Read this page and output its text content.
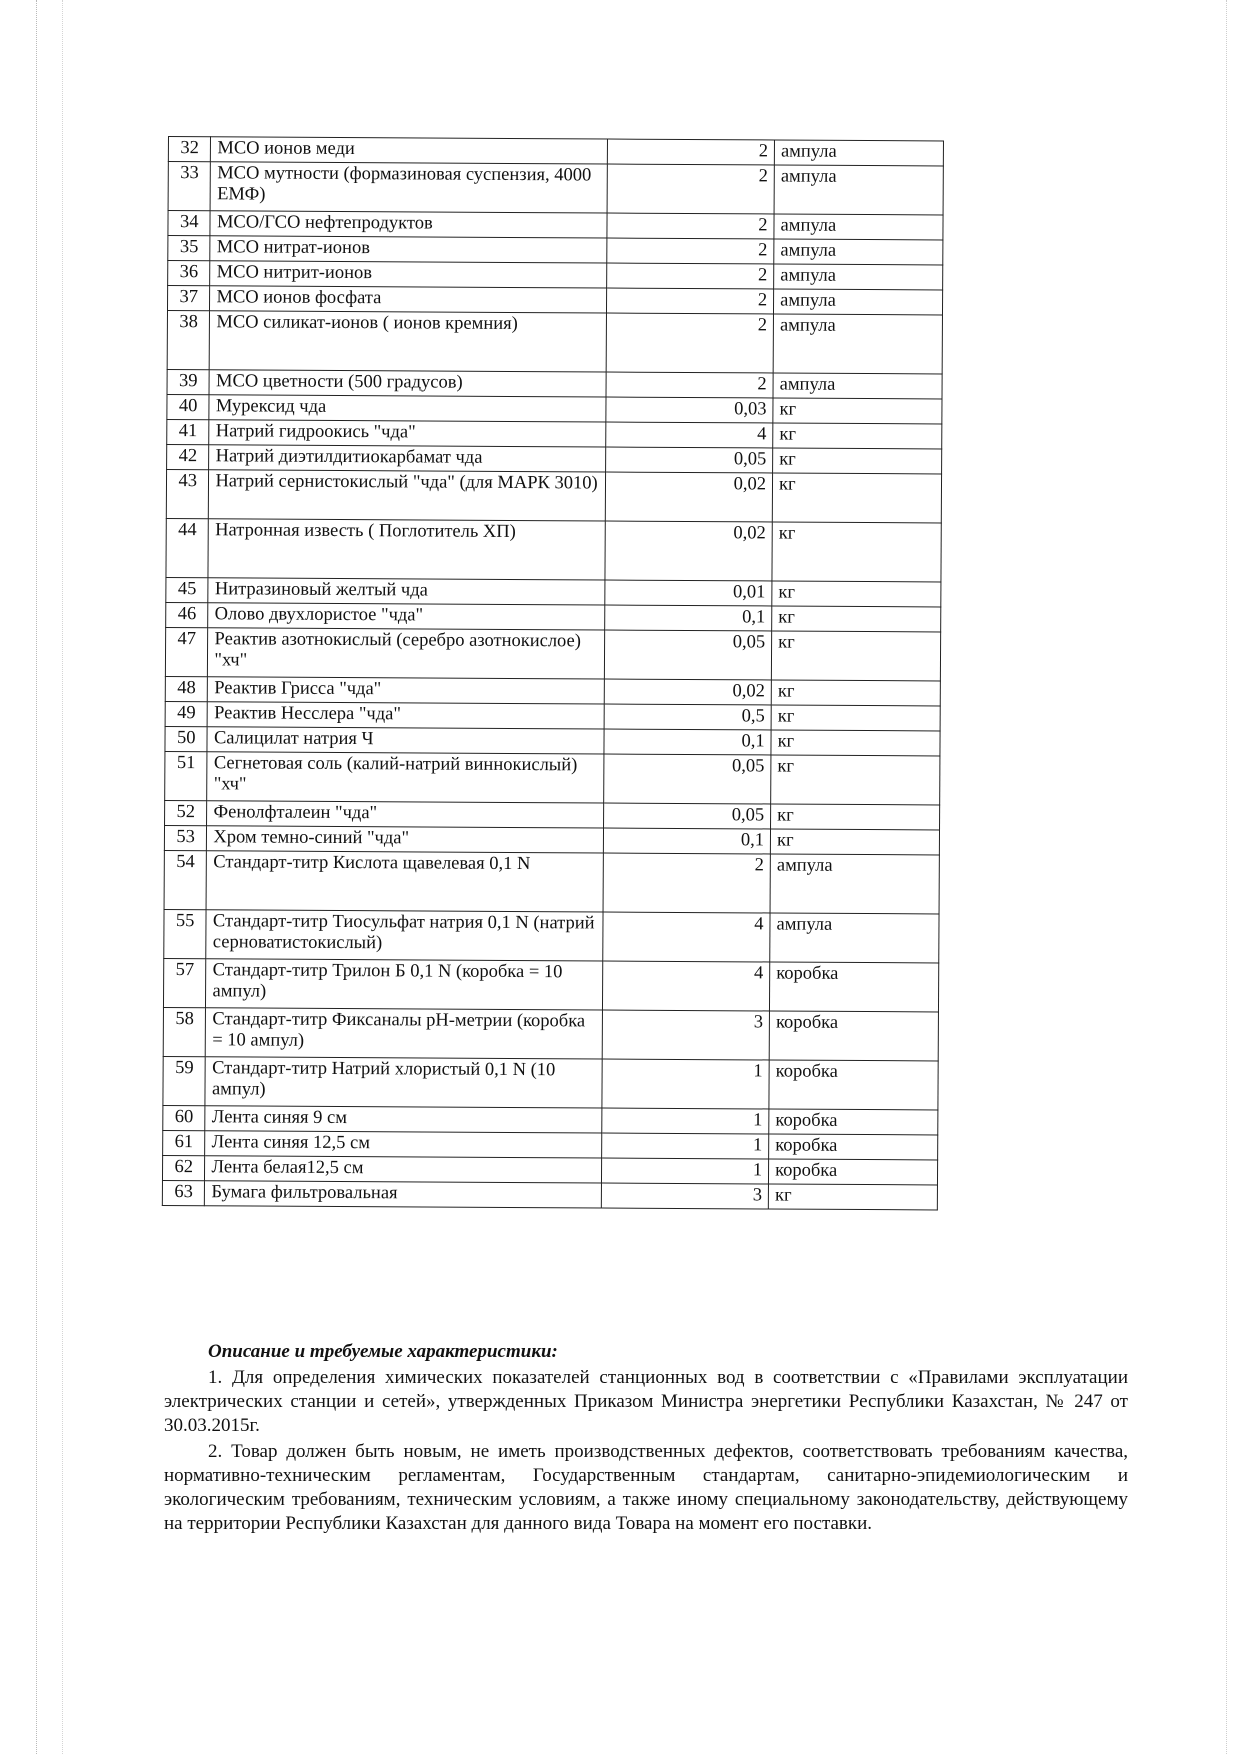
32	МСО ионов меди	2	ампула
33	МСО мутности (формазиновая суспензия, 4000 ЕМФ)	2	ампула
34	МСО/ГСО нефтепродуктов	2	ампула
35	МСО нитрат-ионов	2	ампула
36	МСО нитрит-ионов	2	ампула
37	МСО ионов фосфата	2	ампула
38	МСО силикат-ионов ( ионов кремния)	2	ампула
39	МСО цветности (500 градусов)	2	ампула
40	Мурексид чда	0,03	кг
41	Натрий гидроокись "чда"	4	кг
42	Натрий диэтилдитиокарбамат чда	0,05	кг
43	Натрий сернистокислый "чда" (для МАРК 3010)	0,02	кг
44	Натронная известь ( Поглотитель ХП)	0,02	кг
45	Нитразиновый желтый чда	0,01	кг
46	Олово двухлористое "чда"	0,1	кг
47	Реактив азотнокислый (серебро азотнокислое) "хч"	0,05	кг
48	Реактив Грисса "чда"	0,02	кг
49	Реактив Несслера "чда"	0,5	кг
50	Салицилат натрия Ч	0,1	кг
51	Сегнетовая соль (калий-натрий виннокислый) "хч"	0,05	кг
52	Фенолфталеин "чда"	0,05	кг
53	Хром темно-синий "чда"	0,1	кг
54	Стандарт-титр Кислота щавелевая 0,1 N	2	ампула
55	Стандарт-титр Тиосульфат натрия 0,1 N (натрий серноватистокислый)	4	ампула
57	Стандарт-титр Трилон Б 0,1 N (коробка = 10 ампул)	4	коробка
58	Стандарт-титр Фиксаналы рН-метрии (коробка = 10 ампул)	3	коробка
59	Стандарт-титр Натрий хлористый 0,1 N (10 ампул)	1	коробка
60	Лента синяя 9 см	1	коробка
61	Лента синяя 12,5 см	1	коробка
62	Лента белая12,5 см	1	коробка
63	Бумага фильтровальная	3	кг
Описание и требуемые характеристики:

1. Для определения химических показателей станционных вод в соответствии с «Правилами эксплуатации электрических станции и сетей», утвержденных Приказом Министра энергетики Республики Казахстан, № 247 от 30.03.2015г.

2. Товар должен быть новым, не иметь производственных дефектов, соответствовать требованиям качества, нормативно-техническим регламентам, Государственным стандартам, санитарно-эпидемиологическим и экологическим требованиям, техническим условиям, а также иному специальному законодательству, действующему на территории Республики Казахстан для данного вида Товара на момент его поставки.
